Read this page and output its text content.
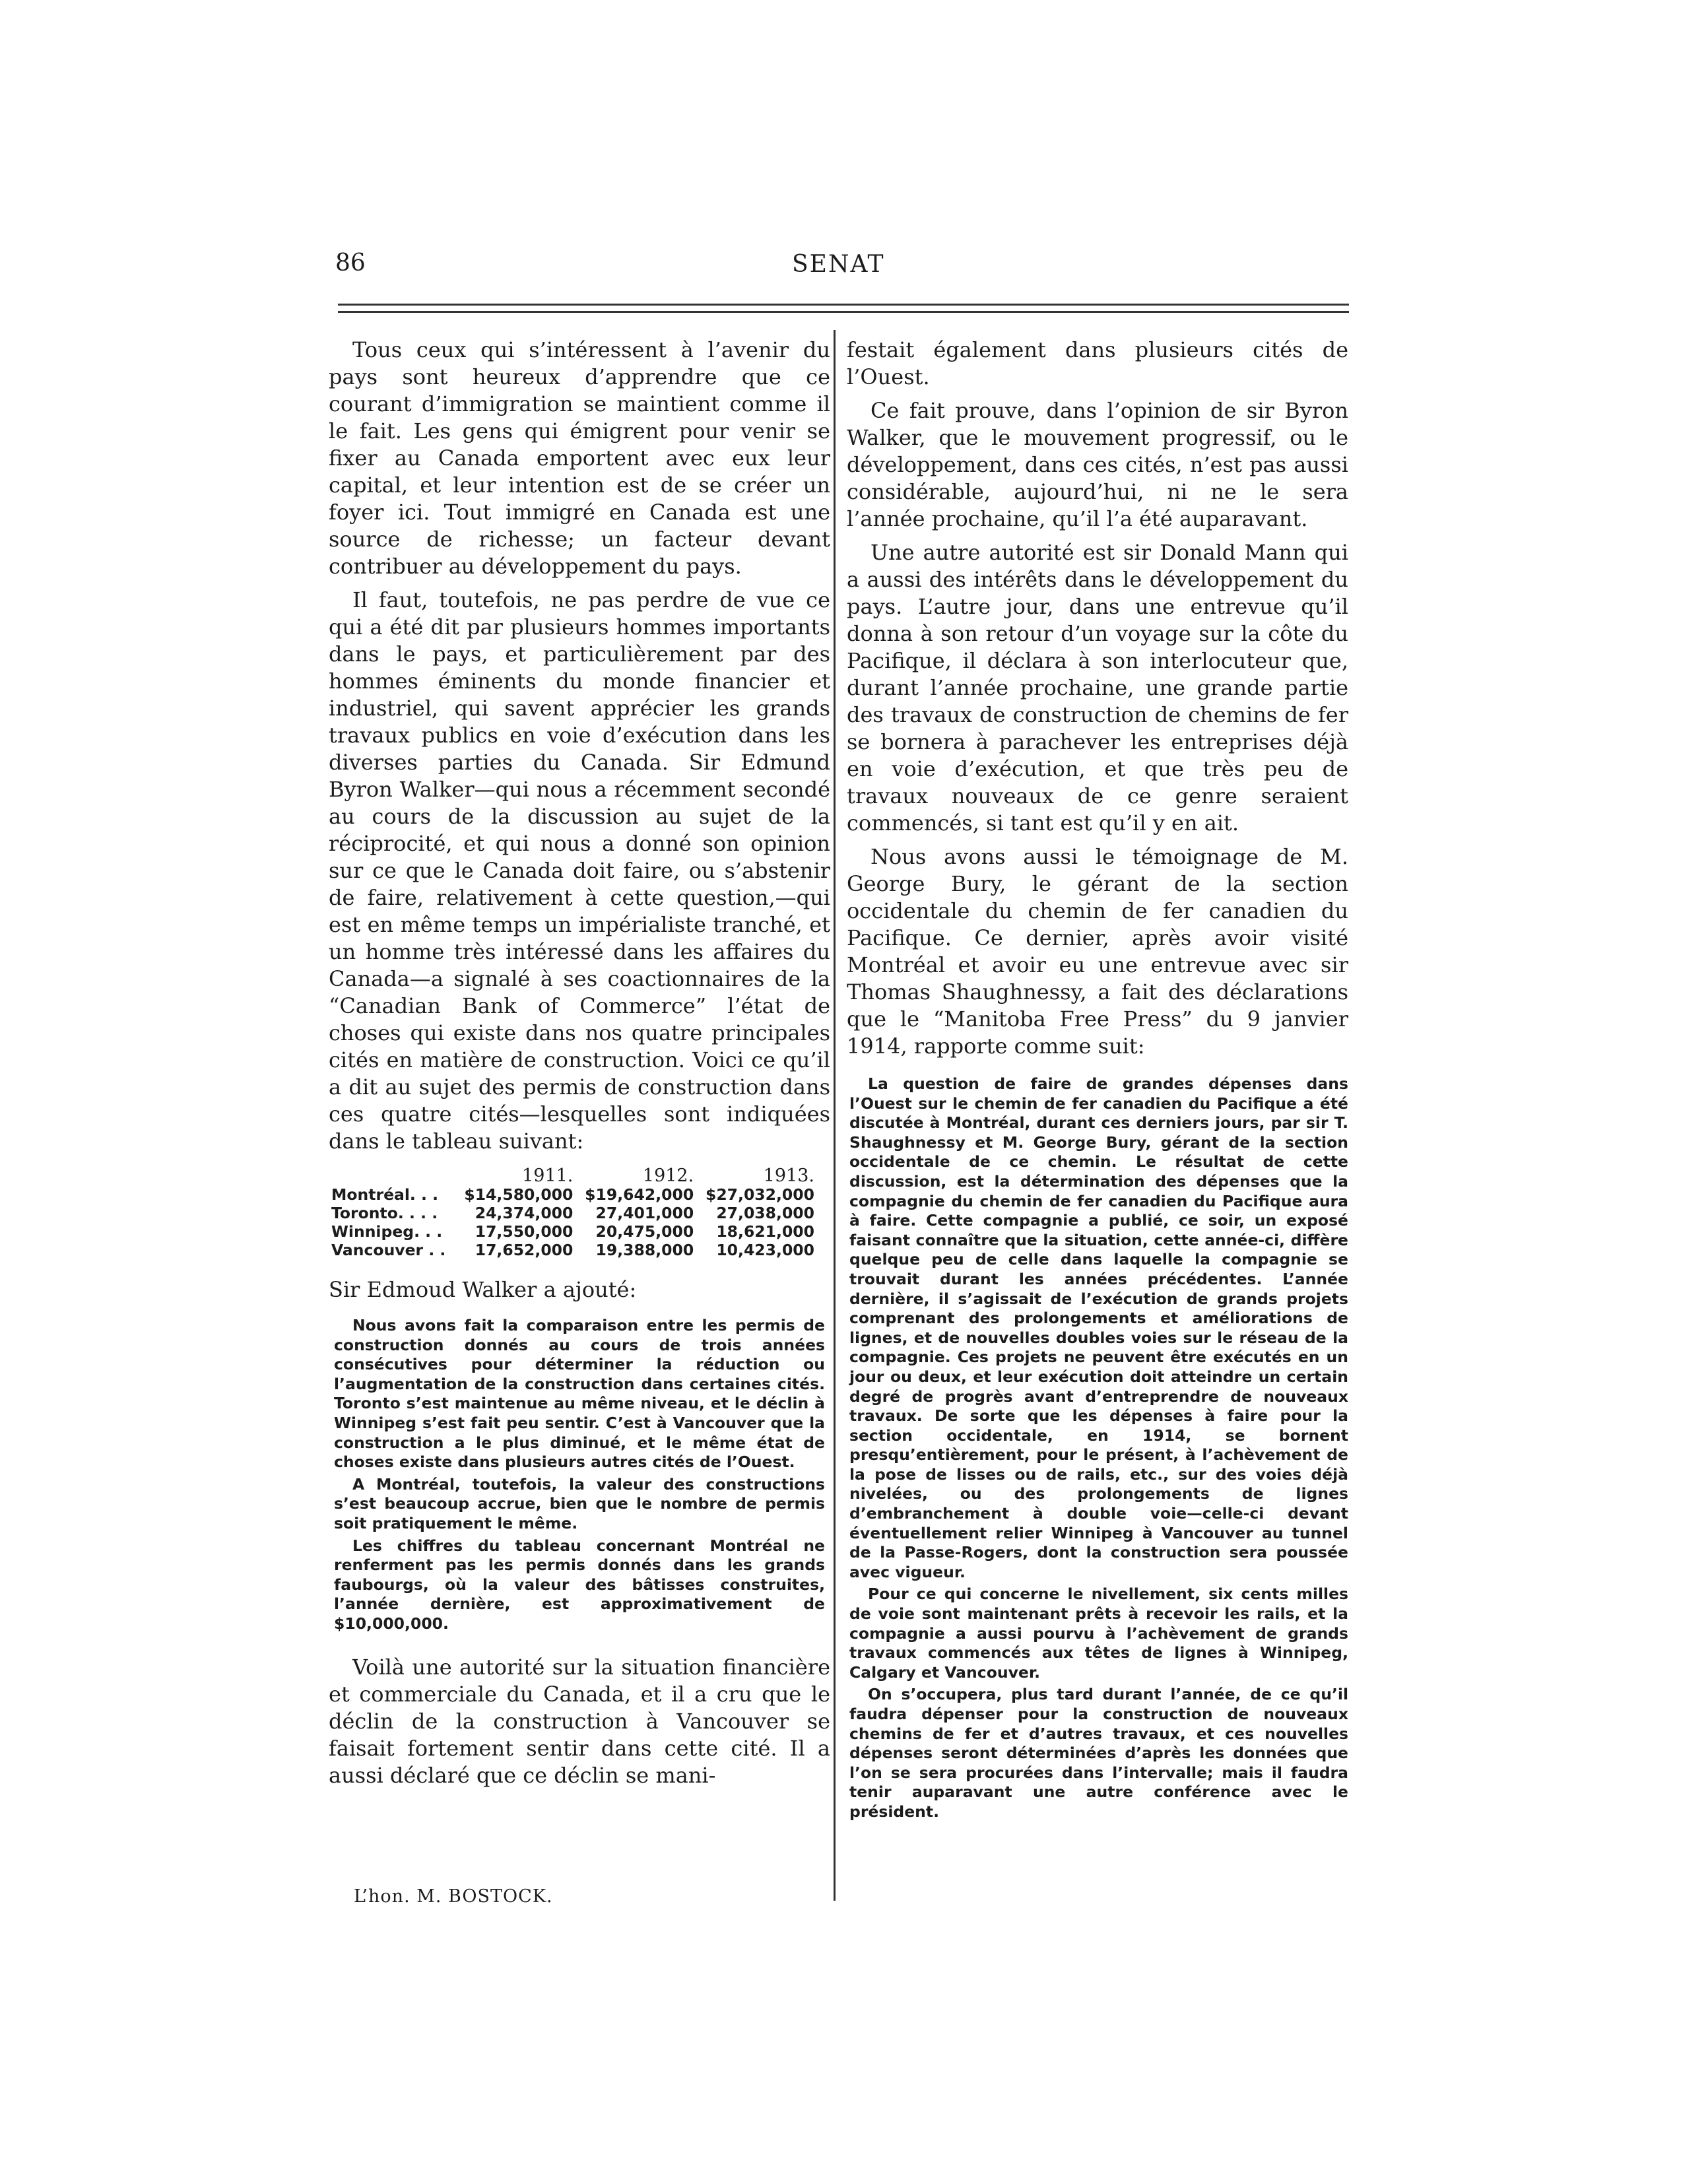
86	SENAT

Tous ceux qui s’intéressent à l’avenir du pays sont heureux d’apprendre que ce courant d’immigration se maintient comme il le fait. Les gens qui émigrent pour venir se fixer au Canada emportent avec eux leur capital, et leur intention est de se créer un foyer ici. Tout immigré en Canada est une source de richesse; un facteur devant contribuer au développement du pays.

Il faut, toutefois, ne pas perdre de vue ce qui a été dit par plusieurs hommes importants dans le pays, et particulièrement par des hommes éminents du monde financier et industriel, qui savent apprécier les grands travaux publics en voie d’exécution dans les diverses parties du Canada. Sir Edmund Byron Walker—qui nous a récemment secondé au cours de la discussion au sujet de la réciprocité, et qui nous a donné son opinion sur ce que le Canada doit faire, ou s’abstenir de faire, relativement à cette question,—qui est en même temps un impérialiste tranché, et un homme très intéressé dans les affaires du Canada—a signalé à ses coactionnaires de la “Canadian Bank of Commerce” l’état de choses qui existe dans nos quatre principales cités en matière de construction. Voici ce qu’il a dit au sujet des permis de construction dans ces quatre cités—lesquelles sont indiquées dans le tableau suivant:

	1911.	1912.	1913.
Montréal. . .	$14,580,000	$19,642,000	$27,032,000
Toronto. . . .	24,374,000	27,401,000	27,038,000
Winnipeg. . .	17,550,000	20,475,000	18,621,000
Vancouver . .	17,652,000	19,388,000	10,423,000

Sir Edmoud Walker a ajouté:

Nous avons fait la comparaison entre les permis de construction donnés au cours de trois années consécutives pour déterminer la réduction ou l’augmentation de la construction dans certaines cités. Toronto s’est maintenue au même niveau, et le déclin à Winnipeg s’est fait peu sentir. C’est à Vancouver que la construction a le plus diminué, et le même état de choses existe dans plusieurs autres cités de l’Ouest.

A Montréal, toutefois, la valeur des constructions s’est beaucoup accrue, bien que le nombre de permis soit pratiquement le même.

Les chiffres du tableau concernant Montréal ne renferment pas les permis donnés dans les grands faubourgs, où la valeur des bâtisses construites, l’année dernière, est approximativement de $10,000,000.

Voilà une autorité sur la situation financière et commerciale du Canada, et il a cru que le déclin de la construction à Vancouver se faisait fortement sentir dans cette cité. Il a aussi déclaré que ce déclin se mani-

L’hon. M. BOSTOCK.

festait également dans plusieurs cités de l’Ouest.

Ce fait prouve, dans l’opinion de sir Byron Walker, que le mouvement progressif, ou le développement, dans ces cités, n’est pas aussi considérable, aujourd’hui, ni ne le sera l’année prochaine, qu’il l’a été auparavant.

Une autre autorité est sir Donald Mann qui a aussi des intérêts dans le développement du pays. L’autre jour, dans une entrevue qu’il donna à son retour d’un voyage sur la côte du Pacifique, il déclara à son interlocuteur que, durant l’année prochaine, une grande partie des travaux de construction de chemins de fer se bornera à parachever les entreprises déjà en voie d’exécution, et que très peu de travaux nouveaux de ce genre seraient commencés, si tant est qu’il y en ait.

Nous avons aussi le témoignage de M. George Bury, le gérant de la section occidentale du chemin de fer canadien du Pacifique. Ce dernier, après avoir visité Montréal et avoir eu une entrevue avec sir Thomas Shaughnessy, a fait des déclarations que le “Manitoba Free Press” du 9 janvier 1914, rapporte comme suit:

La question de faire de grandes dépenses dans l’Ouest sur le chemin de fer canadien du Pacifique a été discutée à Montréal, durant ces derniers jours, par sir T. Shaughnessy et M. George Bury, gérant de la section occidentale de ce chemin. Le résultat de cette discussion, est la détermination des dépenses que la compagnie du chemin de fer canadien du Pacifique aura à faire. Cette compagnie a publié, ce soir, un exposé faisant connaître que la situation, cette année-ci, diffère quelque peu de celle dans laquelle la compagnie se trouvait durant les années précédentes. L’année dernière, il s’agissait de l’exécution de grands projets comprenant des prolongements et améliorations de lignes, et de nouvelles doubles voies sur le réseau de la compagnie. Ces projets ne peuvent être exécutés en un jour ou deux, et leur exécution doit atteindre un certain degré de progrès avant d’entreprendre de nouveaux travaux. De sorte que les dépenses à faire pour la section occidentale, en 1914, se bornent presqu’entièrement, pour le présent, à l’achèvement de la pose de lisses ou de rails, etc., sur des voies déjà nivelées, ou des prolongements de lignes d’embranchement à double voie—celle-ci devant éventuellement relier Winnipeg à Vancouver au tunnel de la Passe-Rogers, dont la construction sera poussée avec vigueur.

Pour ce qui concerne le nivellement, six cents milles de voie sont maintenant prêts à recevoir les rails, et la compagnie a aussi pourvu à l’achèvement de grands travaux commencés aux têtes de lignes à Winnipeg, Calgary et Vancouver.

On s’occupera, plus tard durant l’année, de ce qu’il faudra dépenser pour la construction de nouveaux chemins de fer et d’autres travaux, et ces nouvelles dépenses seront déterminées d’après les données que l’on se sera procurées dans l’intervalle; mais il faudra tenir auparavant une autre conférence avec le président.
